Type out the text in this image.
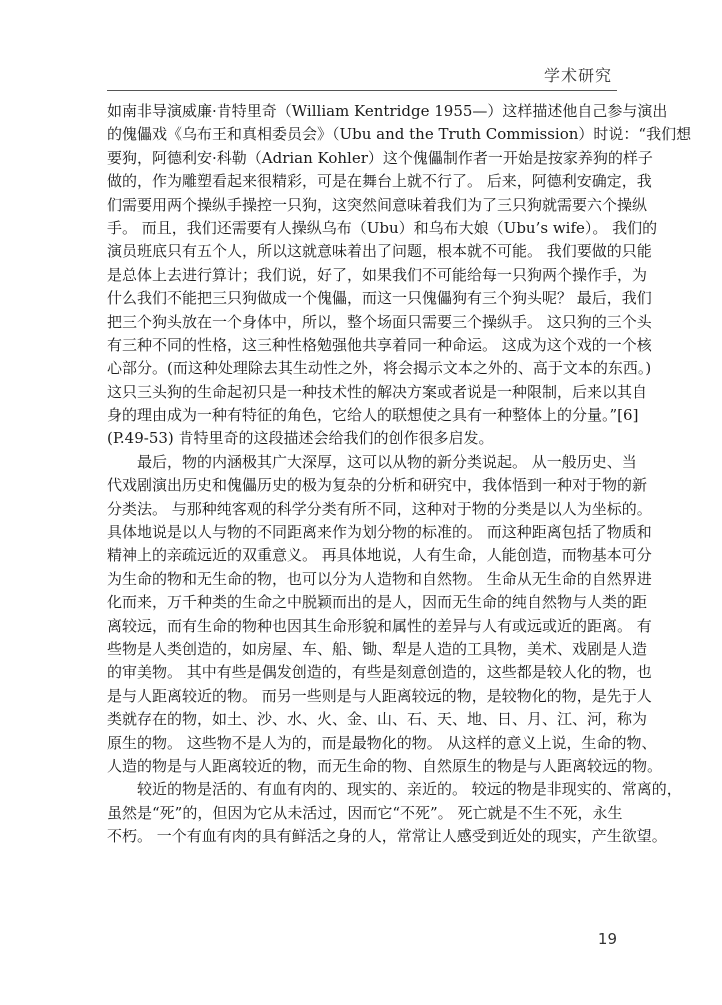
学术研究
如南非导演威廉·肯特里奇（William Kentridge 1955—）这样描述他自己参与演出
的傀儡戏《乌布王和真相委员会》（Ubu and the Truth Commission）时说：“我们想
要狗，阿德利安·科勒（Adrian Kohler）这个傀儡制作者一开始是按家养狗的样子
做的，作为雕塑看起来很精彩，可是在舞台上就不行了。 后来，阿德利安确定，我
们需要用两个操纵手操控一只狗，这突然间意味着我们为了三只狗就需要六个操纵
手。 而且，我们还需要有人操纵乌布（Ubu）和乌布大娘（Ubu’s wife）。 我们的
演员班底只有五个人，所以这就意味着出了问题，根本就不可能。 我们要做的只能
是总体上去进行算计；我们说，好了，如果我们不可能给每一只狗两个操作手，为
什么我们不能把三只狗做成一个傀儡，而这一只傀儡狗有三个狗头呢？ 最后，我们
把三个狗头放在一个身体中，所以，整个场面只需要三个操纵手。 这只狗的三个头
有三种不同的性格，这三种性格勉强他共享着同一种命运。 这成为这个戏的一个核
心部分。(而这种处理除去其生动性之外，将会揭示文本之外的、高于文本的东西。)
这只三头狗的生命起初只是一种技术性的解决方案或者说是一种限制，后来以其自
身的理由成为一种有特征的角色，它给人的联想使之具有一种整体上的分量。”[6]
(P.49-53) 肯特里奇的这段描述会给我们的创作很多启发。
最后，物的内涵极其广大深厚，这可以从物的新分类说起。 从一般历史、当
代戏剧演出历史和傀儡历史的极为复杂的分析和研究中，我体悟到一种对于物的新
分类法。 与那种纯客观的科学分类有所不同，这种对于物的分类是以人为坐标的。
具体地说是以人与物的不同距离来作为划分物的标准的。 而这种距离包括了物质和
精神上的亲疏远近的双重意义。 再具体地说，人有生命，人能创造，而物基本可分
为生命的物和无生命的物，也可以分为人造物和自然物。 生命从无生命的自然界进
化而来，万千种类的生命之中脱颖而出的是人，因而无生命的纯自然物与人类的距
离较远，而有生命的物种也因其生命形貌和属性的差异与人有或远或近的距离。 有
些物是人类创造的，如房屋、车、船、锄、犁是人造的工具物，美术、戏剧是人造
的审美物。 其中有些是偶发创造的，有些是刻意创造的，这些都是较人化的物，也
是与人距离较近的物。 而另一些则是与人距离较远的物，是较物化的物，是先于人
类就存在的物，如土、沙、水、火、金、山、石、天、地、日、月、江、河，称为
原生的物。 这些物不是人为的，而是最物化的物。 从这样的意义上说，生命的物、
人造的物是与人距离较近的物，而无生命的物、自然原生的物是与人距离较远的物。
较近的物是活的、有血有肉的、现实的、亲近的。 较远的物是非现实的、常离的，
虽然是“死”的，但因为它从未活过，因而它“不死”。 死亡就是不生不死，永生
不朽。 一个有血有肉的具有鲜活之身的人，常常让人感受到近处的现实，产生欲望。
19
